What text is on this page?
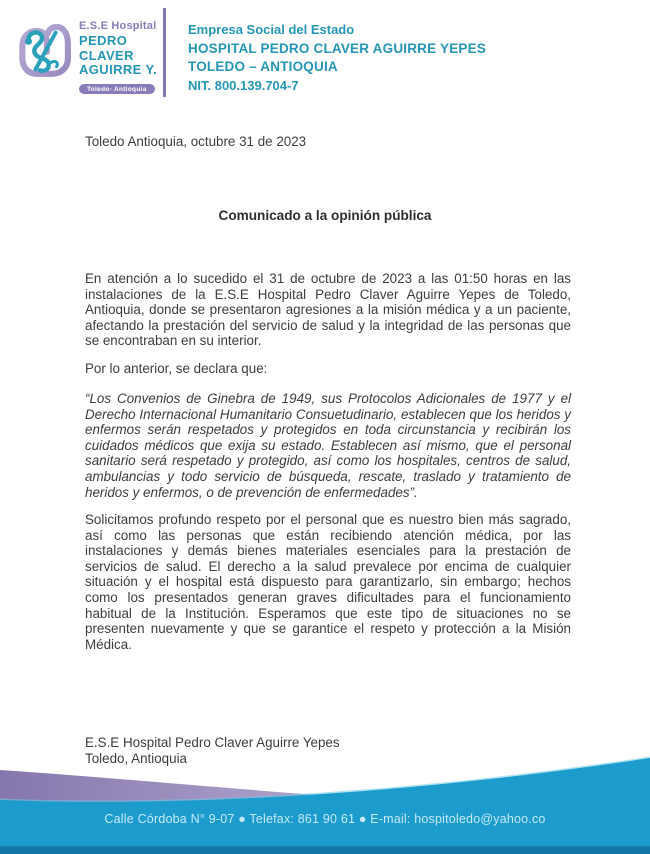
E.S.E Hospital
PEDRO
CLAVER
AGUIRRE Y.
Toledo- Antioquia
Empresa Social del Estado
HOSPITAL PEDRO CLAVER AGUIRRE YEPES
TOLEDO – ANTIOQUIA
NIT. 800.139.704-7

Toledo Antioquia, octubre 31 de 2023

Comunicado a la opinión pública

En atención a lo sucedido el 31 de octubre de 2023 a las 01:50 horas en las instalaciones de la E.S.E Hospital Pedro Claver Aguirre Yepes de Toledo, Antioquia, donde se presentaron agresiones a la misión médica y a un paciente, afectando la prestación del servicio de salud y la integridad de las personas que se encontraban en su interior.

Por lo anterior, se declara que:

“Los Convenios de Ginebra de 1949, sus Protocolos Adicionales de 1977 y el Derecho Internacional Humanitario Consuetudinario, establecen que los heridos y enfermos serán respetados y protegidos en toda circunstancia y recibirán los cuidados médicos que exija su estado. Establecen así mismo, que el personal sanitario será respetado y protegido, así como los hospitales, centros de salud, ambulancias y todo servicio de búsqueda, rescate, traslado y tratamiento de heridos y enfermos, o de prevención de enfermedades”.

Solicitamos profundo respeto por el personal que es nuestro bien más sagrado, así como las personas que están recibiendo atención médica, por las instalaciones y demás bienes materiales esenciales para la prestación de servicios de salud. El derecho a la salud prevalece por encima de cualquier situación y el hospital está dispuesto para garantizarlo, sin embargo; hechos como los presentados generan graves dificultades para el funcionamiento habitual de la Institución. Esperamos que este tipo de situaciones no se presenten nuevamente y que se garantice el respeto y protección a la Misión Médica.

E.S.E Hospital Pedro Claver Aguirre Yepes
Toledo, Antioquia
Calle Córdoba N° 9-07 ● Telefax: 861 90 61 ● E-mail: hospitoledo@yahoo.co
